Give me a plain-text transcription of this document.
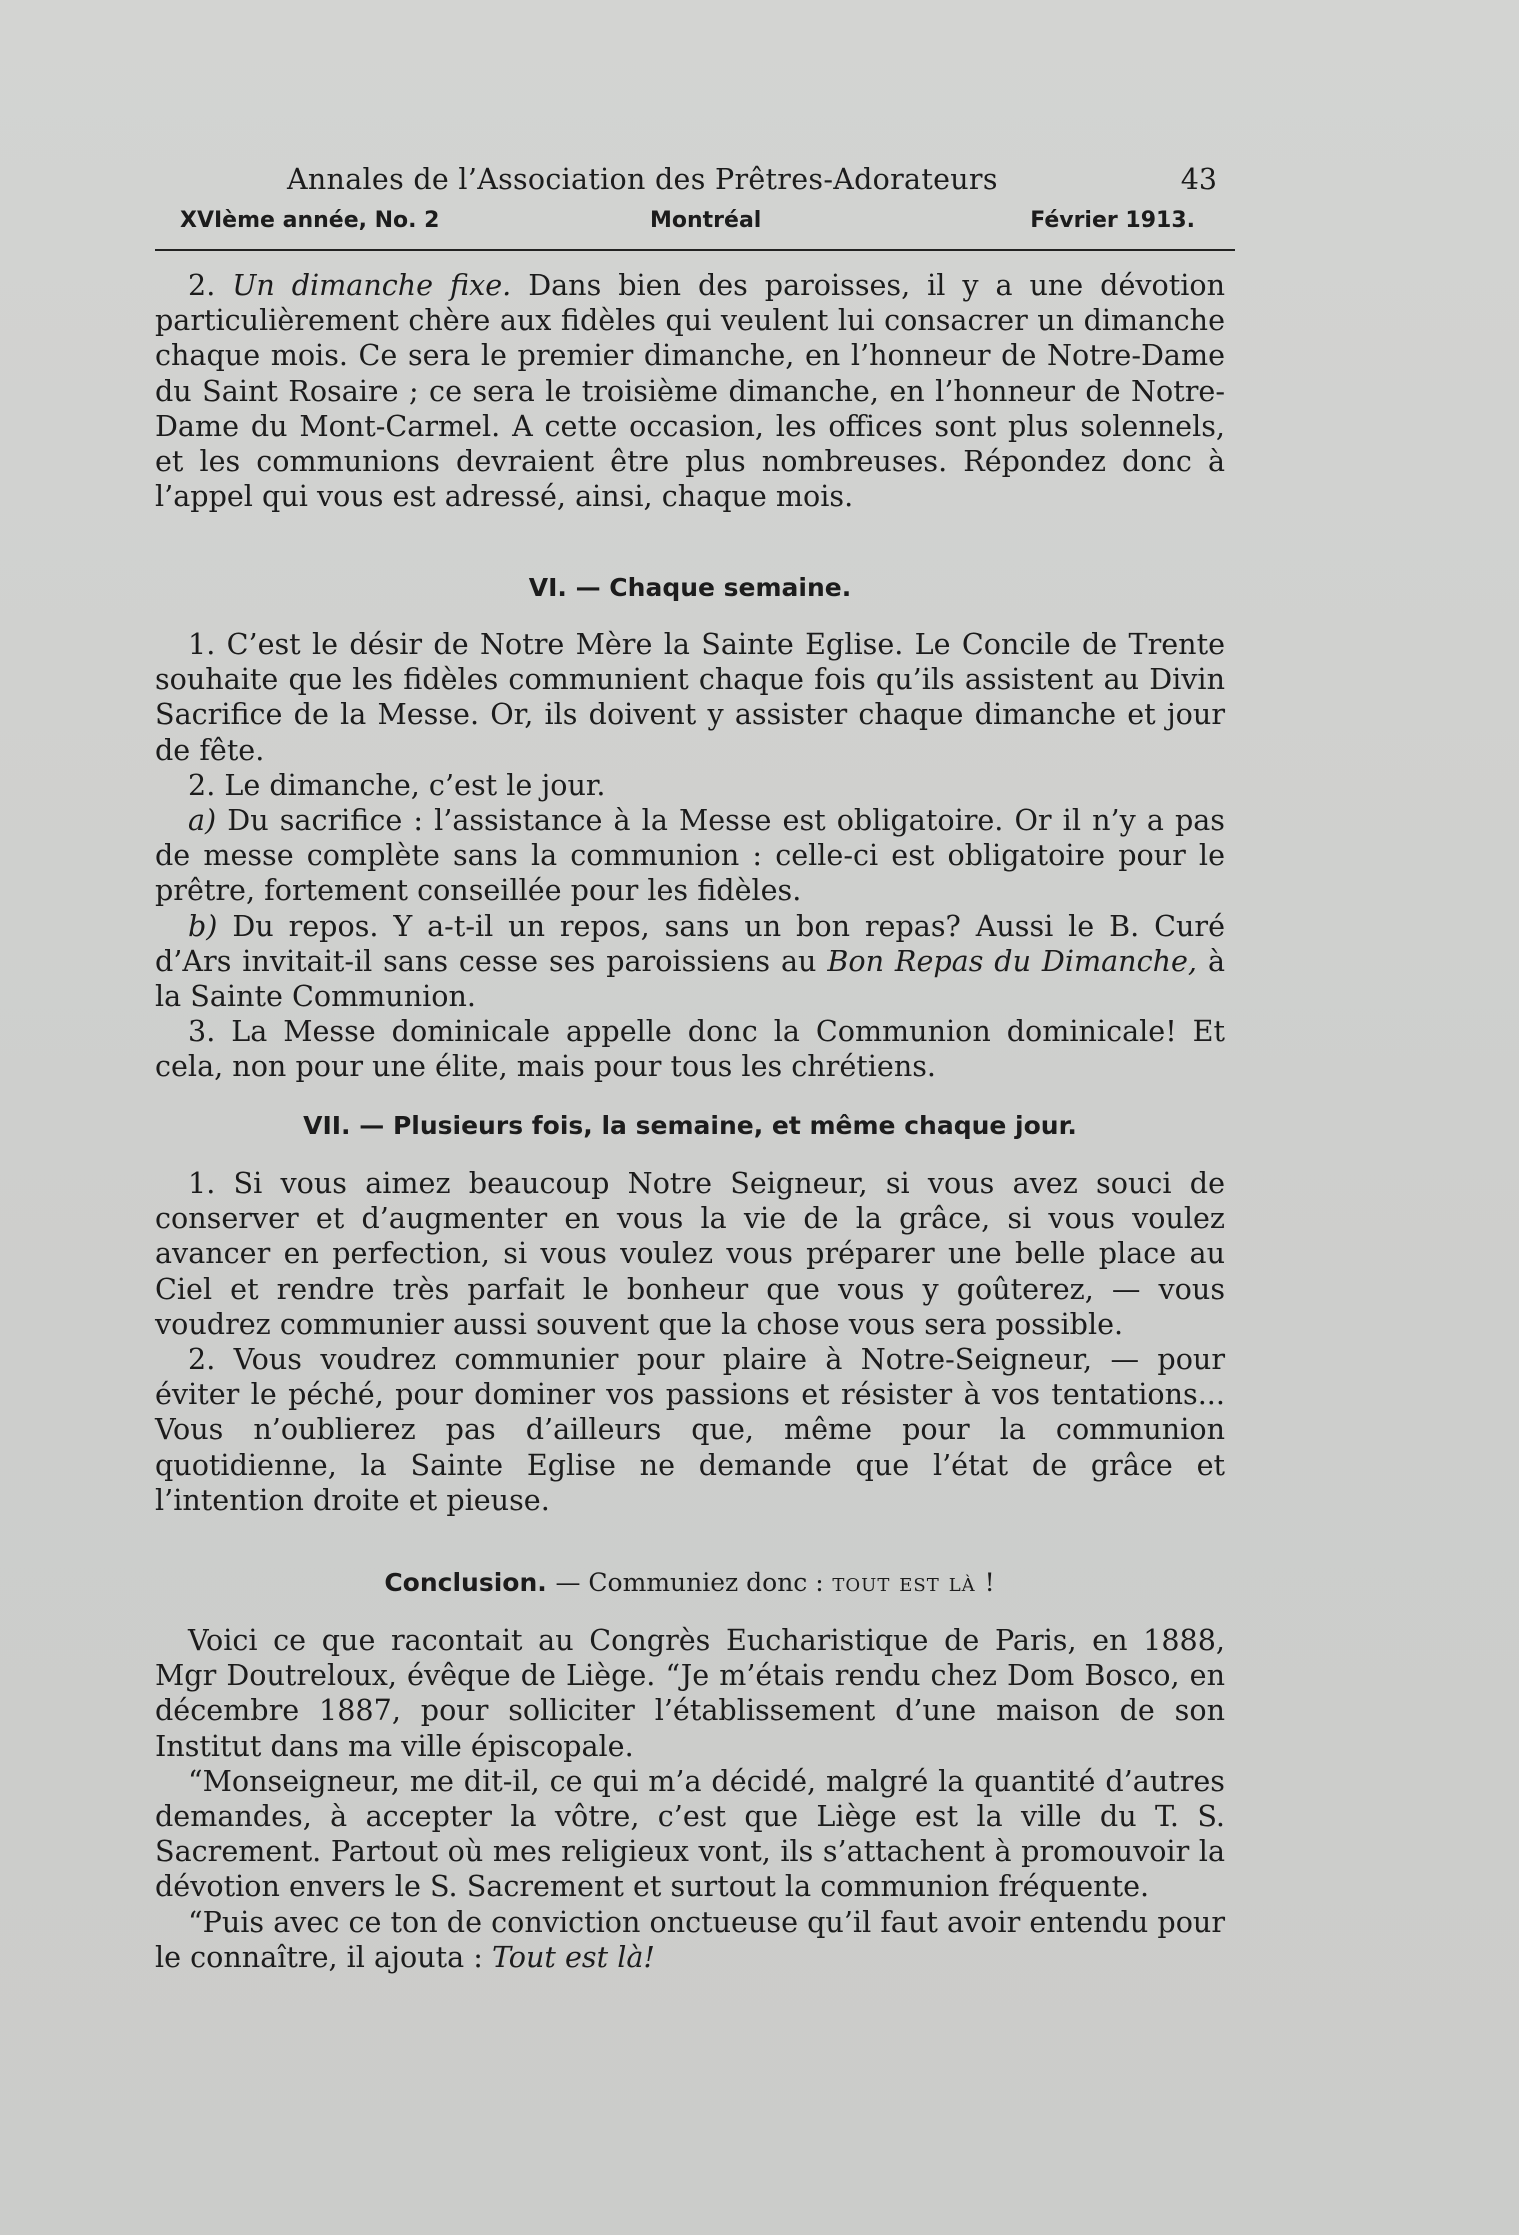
Annales de l’Association des Prêtres-Adorateurs	43
XVIème année, No. 2	Montréal	Février 1913.

2. Un dimanche fixe. Dans bien des paroisses, il y a une dévotion particulièrement chère aux fidèles qui veulent lui consacrer un dimanche chaque mois. Ce sera le premier dimanche, en l’honneur de Notre-Dame du Saint Rosaire ; ce sera le troisième dimanche, en l’honneur de Notre-Dame du Mont-Carmel. A cette occasion, les offices sont plus solennels, et les communions devraient être plus nombreuses. Répondez donc à l’appel qui vous est adressé, ainsi, chaque mois.

VI. — Chaque semaine.

1. C’est le désir de Notre Mère la Sainte Eglise. Le Concile de Trente souhaite que les fidèles communient chaque fois qu’ils assistent au Divin Sacrifice de la Messe. Or, ils doivent y assister chaque dimanche et jour de fête.

2. Le dimanche, c’est le jour.

a) Du sacrifice : l’assistance à la Messe est obligatoire. Or il n’y a pas de messe complète sans la communion : celle-ci est obligatoire pour le prêtre, fortement conseillée pour les fidèles.

b) Du repos. Y a-t-il un repos, sans un bon repas? Aussi le B. Curé d’Ars invitait-il sans cesse ses paroissiens au Bon Repas du Dimanche, à la Sainte Communion.

3. La Messe dominicale appelle donc la Communion dominicale! Et cela, non pour une élite, mais pour tous les chrétiens.

VII. — Plusieurs fois, la semaine, et même chaque jour.

1. Si vous aimez beaucoup Notre Seigneur, si vous avez souci de conserver et d’augmenter en vous la vie de la grâce, si vous voulez avancer en perfection, si vous voulez vous préparer une belle place au Ciel et rendre très parfait le bonheur que vous y goûterez, — vous voudrez communier aussi souvent que la chose vous sera possible.

2. Vous voudrez communier pour plaire à Notre-Seigneur, — pour éviter le péché, pour dominer vos passions et résister à vos tentations... Vous n’oublierez pas d’ailleurs que, même pour la communion quotidienne, la Sainte Eglise ne demande que l’état de grâce et l’intention droite et pieuse.

Conclusion. — Communiez donc : tout est là !

Voici ce que racontait au Congrès Eucharistique de Paris, en 1888, Mgr Doutreloux, évêque de Liège. “Je m’étais rendu chez Dom Bosco, en décembre 1887, pour solliciter l’établissement d’une maison de son Institut dans ma ville épiscopale.

“Monseigneur, me dit-il, ce qui m’a décidé, malgré la quantité d’autres demandes, à accepter la vôtre, c’est que Liège est la ville du T. S. Sacrement. Partout où mes religieux vont, ils s’attachent à promouvoir la dévotion envers le S. Sacrement et surtout la communion fréquente.

“Puis avec ce ton de conviction onctueuse qu’il faut avoir entendu pour le connaître, il ajouta : Tout est là!
